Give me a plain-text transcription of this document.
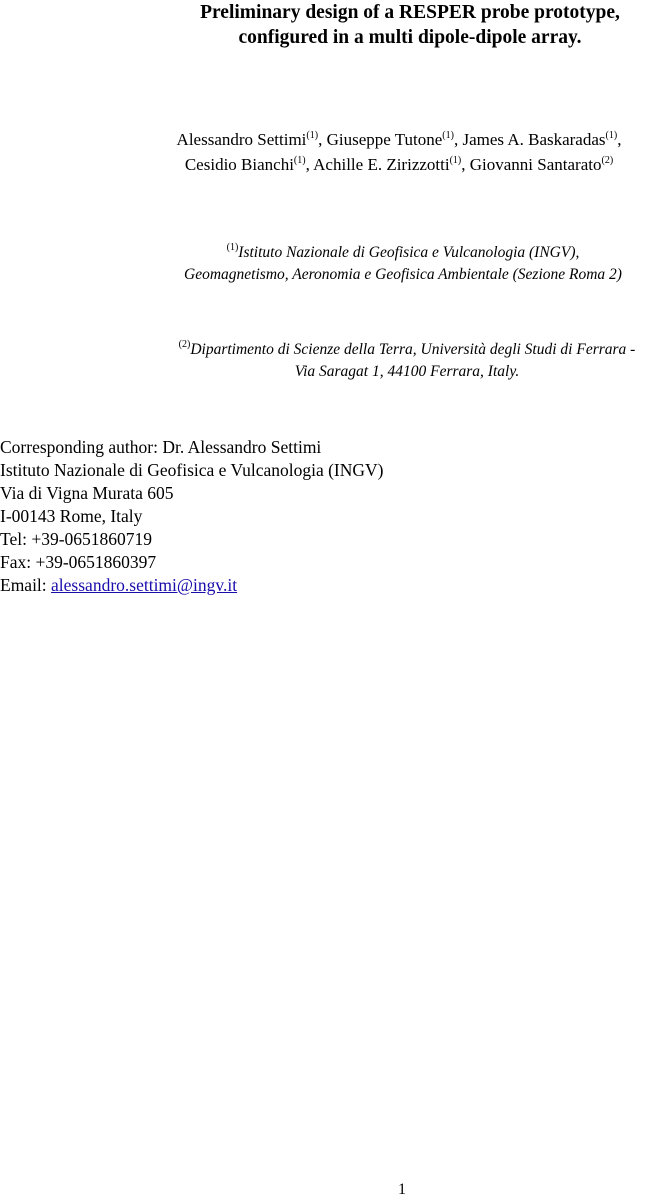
Preliminary design of a RESPER probe prototype,
configured in a multi dipole-dipole array.
Alessandro Settimi$^{(1)}$, Giuseppe Tutone$^{(1)}$, James A. Baskaradas$^{(1)}$,
Cesidio Bianchi$^{(1)}$, Achille E. Zirizzotti$^{(1)}$, Giovanni Santarato$^{(2)}$
$^{(1)}$Istituto Nazionale di Geofisica e Vulcanologia (INGV),
Geomagnetismo, Aeronomia e Geofisica Ambientale (Sezione Roma 2)
$^{(2)}$Dipartimento di Scienze della Terra, Università degli Studi di Ferrara -
Via Saragat 1, 44100 Ferrara, Italy.
Corresponding author: Dr. Alessandro Settimi
Istituto Nazionale di Geofisica e Vulcanologia (INGV)
Via di Vigna Murata 605
I-00143 Rome, Italy
Tel: +39-0651860719
Fax: +39-0651860397
Email: alessandro.settimi@ingv.it
1
